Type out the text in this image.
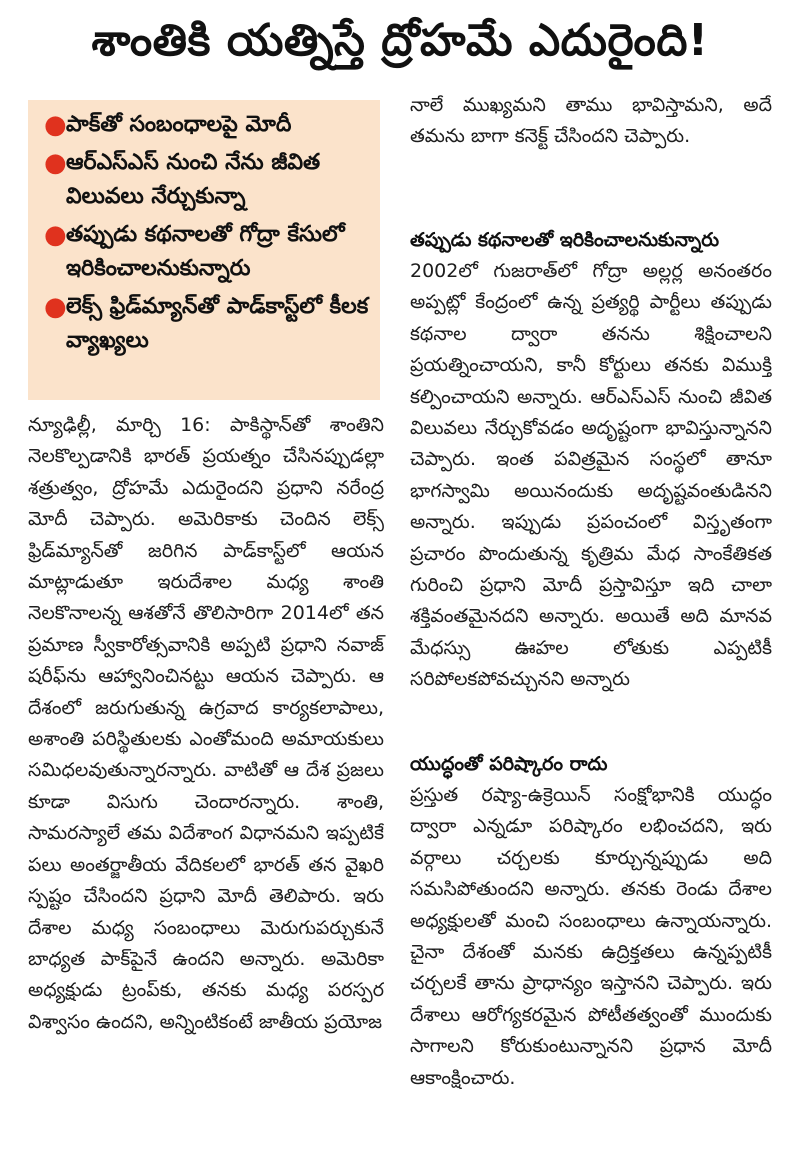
శాంతికి యత్నిస్తే ద్రోహమే ఎదురైంది!
● పాక్‌తో సంబంధాలపై మోదీ
● ఆర్‌ఎస్‌ఎస్‌ నుంచి నేను జీవిత విలువలు నేర్చుకున్నా
● తప్పుడు కథనాలతో గోద్రా కేసులో ఇరికించాలనుకున్నారు
● లెక్స్‌ ఫ్రిడ్‌మ్యాన్‌తో పాడ్‌కాస్ట్‌లో కీలక వ్యాఖ్యలు

న్యూఢిల్లీ, మార్చి 16: పాకిస్థాన్‌తో శాంతిని నెలకొల్పడానికి భారత్‌ ప్రయత్నం చేసినప్పుడల్లా శత్రుత్వం, ద్రోహమే ఎదురైందని ప్రధాని నరేంద్ర మోదీ చెప్పారు. అమెరికాకు చెందిన లెక్స్‌ ఫ్రిడ్‌మ్యాన్‌తో జరిగిన పాడ్‌కాస్ట్‌లో ఆయన మాట్లాడుతూ ఇరుదేశాల మధ్య శాంతి నెలకొనాలన్న ఆశతోనే తొలిసారిగా 2014లో తన ప్రమాణ స్వీకారోత్సవానికి అప్పటి ప్రధాని నవాజ్‌ షరీఫ్‌ను ఆహ్వానించినట్టు ఆయన చెప్పారు. ఆ దేశంలో జరుగుతున్న ఉగ్రవాద కార్యకలాపాలు, అశాంతి పరిస్థితులకు ఎంతోమంది అమాయకులు సమిధలవుతున్నారన్నారు. వాటితో ఆ దేశ ప్రజలు కూడా విసుగు చెందారన్నారు. శాంతి, సామరస్యాలే తమ విదేశాంగ విధానమని ఇప్పటికే పలు అంతర్జాతీయ వేదికలలో భారత్‌ తన వైఖరి స్పష్టం చేసిందని ప్రధాని మోదీ తెలిపారు. ఇరు దేశాల మధ్య సంబంధాలు మెరుగుపర్చుకునే బాధ్యత పాక్‌పైనే ఉందని అన్నారు. అమెరికా అధ్యక్షుడు ట్రంప్‌కు, తనకు మధ్య పరస్పర విశ్వాసం ఉందని, అన్నింటికంటే జాతీయ ప్రయోజ

నాలే ముఖ్యమని తాము భావిస్తామని, అదే తమను బాగా కనెక్ట్‌ చేసిందని చెప్పారు.

తప్పుడు కథనాలతో ఇరికించాలనుకున్నారు

2002లో గుజరాత్‌లో గోద్రా అల్లర్ల అనంతరం అప్పట్లో కేంద్రంలో ఉన్న ప్రత్యర్థి పార్టీలు తప్పుడు కథనాల ద్వారా తనను శిక్షించాలని ప్రయత్నించాయని, కానీ కోర్టులు తనకు విముక్తి కల్పించాయని అన్నారు. ఆర్‌ఎస్‌ఎస్‌ నుంచి జీవిత విలువలు నేర్చుకోవడం అదృష్టంగా భావిస్తున్నానని చెప్పారు. ఇంత పవిత్రమైన సంస్థలో తానూ భాగస్వామి అయినందుకు అదృష్టవంతుడినని అన్నారు. ఇప్పుడు ప్రపంచంలో విస్తృతంగా ప్రచారం పొందుతున్న కృత్రిమ మేధ సాంకేతికత గురించి ప్రధాని మోదీ ప్రస్తావిస్తూ ఇది చాలా శక్తివంతమైనదని అన్నారు. అయితే అది మానవ మేధస్సు ఊహల లోతుకు ఎప్పటికీ సరిపోలకపోవచ్చునని అన్నారు

యుద్ధంతో పరిష్కారం రాదు

ప్రస్తుత రష్యా-ఉక్రెయిన్‌ సంక్షోభానికి యుద్ధం ద్వారా ఎన్నడూ పరిష్కారం లభించదని, ఇరు వర్గాలు చర్చలకు కూర్చున్నప్పుడు అది సమసిపోతుందని అన్నారు. తనకు రెండు దేశాల అధ్యక్షులతో మంచి సంబంధాలు ఉన్నాయన్నారు. చైనా దేశంతో మనకు ఉద్రిక్తతలు ఉన్నప్పటికీ చర్చలకే తాను ప్రాధాన్యం ఇస్తానని చెప్పారు. ఇరు దేశాలు ఆరోగ్యకరమైన పోటీతత్వంతో ముందుకు సాగాలని కోరుకుంటున్నానని ప్రధాన మోదీ ఆకాంక్షించారు.
